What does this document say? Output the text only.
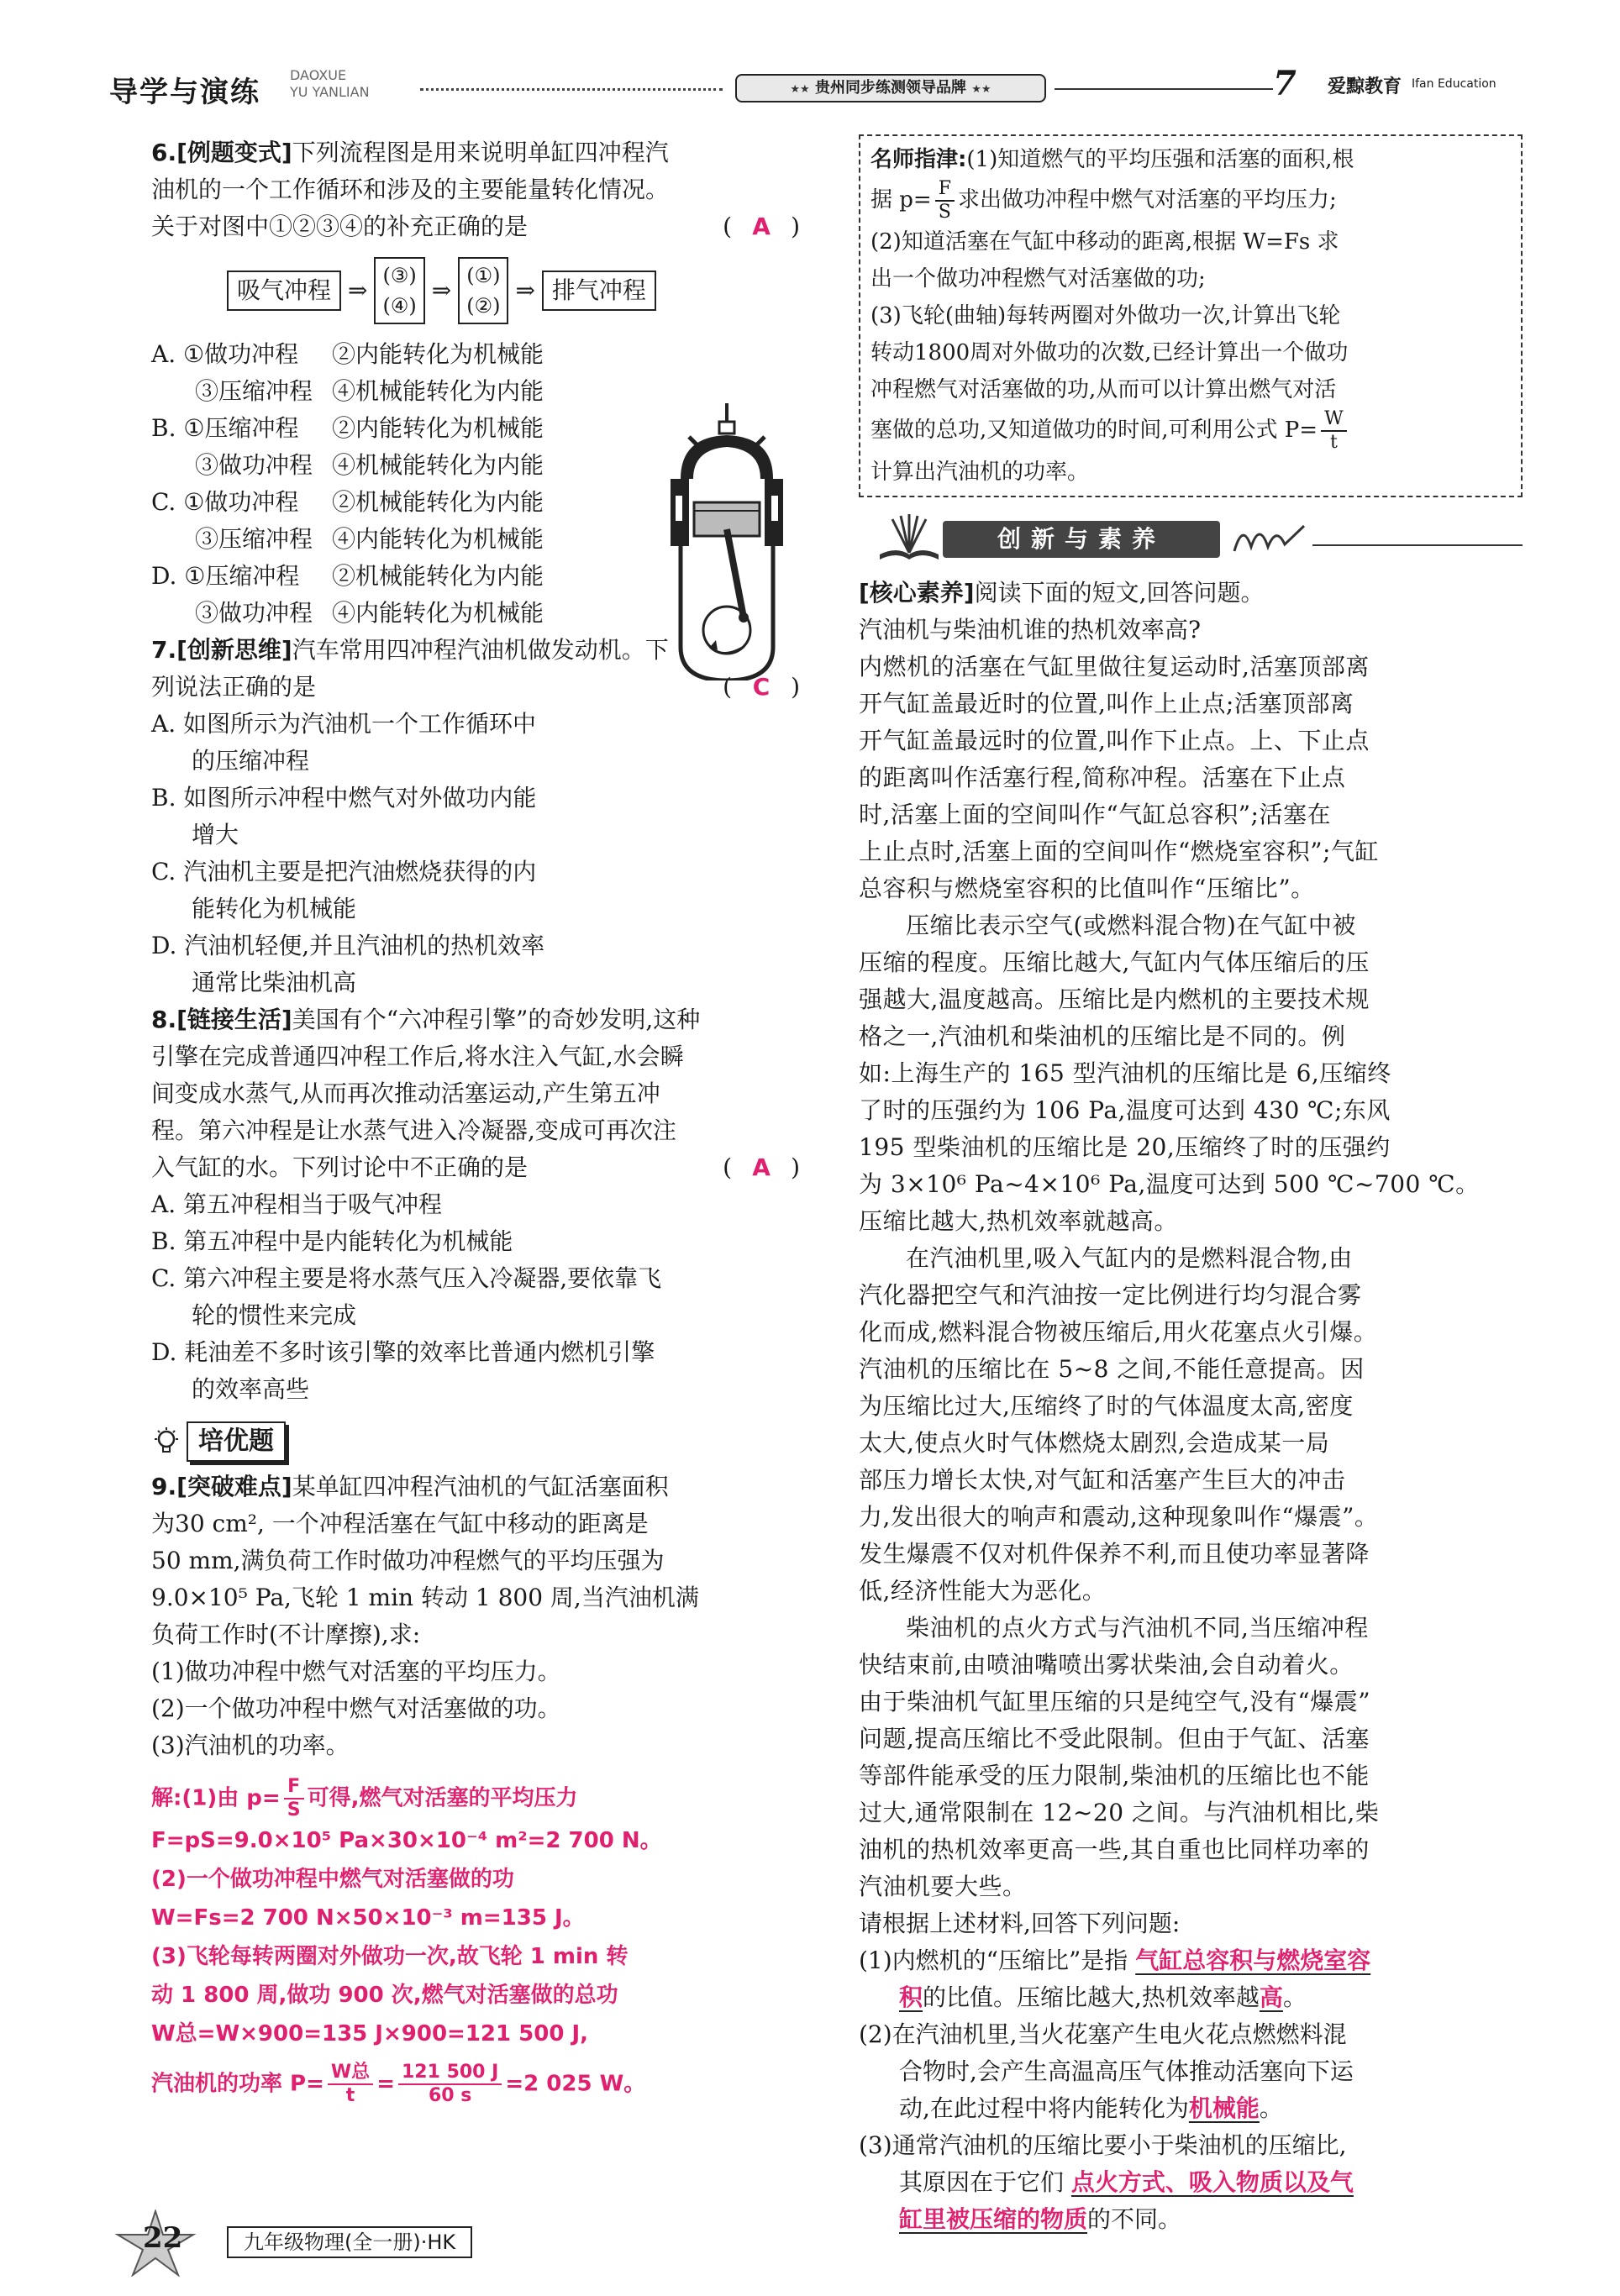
导学与演练
DAOXUE
YU YANLIAN	★★ 贵州同步练测领导品牌 ★★	7 爱黥教育 Ifan Education
6.[例题变式]下列流程图是用来说明单缸四冲程汽
油机的一个工作循环和涉及的主要能量转化情况。
关于对图中①②③④的补充正确的是	( A )
吸气冲程 ⇒
(③)
(④)
⇒
(①)
(②)
⇒ 排气冲程
A. ①做功冲程	②内能转化为机械能
③压缩冲程 ④机械能转化为内能
B. ①压缩冲程	②内能转化为机械能
③做功冲程 ④机械能转化为内能
C. ①做功冲程	②机械能转化为内能
③压缩冲程 ④内能转化为机械能
D. ①压缩冲程	②机械能转化为内能
③做功冲程 ④内能转化为机械能
7.[创新思维]汽车常用四冲程汽油机做发动机。下
列说法正确的是	( C )
A. 如图所示为汽油机一个工作循环中
的压缩冲程
B. 如图所示冲程中燃气对外做功内能
增大
C. 汽油机主要是把汽油燃烧获得的内
能转化为机械能
D. 汽油机轻便,并且汽油机的热机效率
通常比柴油机高
8.[链接生活]美国有个“六冲程引擎”的奇妙发明,这种
引擎在完成普通四冲程工作后,将水注入气缸,水会瞬
间变成水蒸气,从而再次推动活塞运动,产生第五冲
程。第六冲程是让水蒸气进入冷凝器,变成可再次注
入气缸的水。下列讨论中不正确的是	( A )
A. 第五冲程相当于吸气冲程
B. 第五冲程中是内能转化为机械能
C. 第六冲程主要是将水蒸气压入冷凝器,要依靠飞
轮的惯性来完成
D. 耗油差不多时该引擎的效率比普通内燃机引擎
的效率高些
培优题
9.[突破难点]某单缸四冲程汽油机的气缸活塞面积
为30 cm², 一个冲程活塞在气缸中移动的距离是
50 mm,满负荷工作时做功冲程燃气的平均压强为
9.0×10⁵ Pa,飞轮 1 min 转动 1 800 周,当汽油机满
负荷工作时(不计摩擦),求:
(1)做功冲程中燃气对活塞的平均压力。
(2)一个做功冲程中燃气对活塞做的功。
(3)汽油机的功率。
解:(1)由 $p= \frac{F}{S}$ 可得,燃气对活塞的平均压力
F=pS=9.0×10⁵ Pa×30×10⁻⁴ m²=2 700 N。
(2)一个做功冲程中燃气对活塞做的功
W=Fs=2 700 N×50×10⁻³ m=135 J。
(3)飞轮每转两圈对外做功一次,故飞轮 1 min 转
动 1 800 周,做功 900 次,燃气对活塞做的总功
W总=W×900=135 J×900=121 500 J,
汽油机的功率 $P= \frac{\text{W总}}{t} = \frac{121 500 J}{60 s} =2$ 025 W。
名师指津:(1)知道燃气的平均压强和活塞的面积,根
据 $p= \frac{F}{S}$ 求出做功冲程中燃气对活塞的平均压力;
(2)知道活塞在气缸中移动的距离,根据 W=Fs 求
出一个做功冲程燃气对活塞做的功;
(3)飞轮(曲轴)每转两圈对外做功一次,计算出飞轮
转动1800周对外做功的次数,已经计算出一个做功
冲程燃气对活塞做的功,从而可以计算出燃气对活
塞做的总功,又知道做功的时间,可利用公式 $P= \frac{W}{t}$
计算出汽油机的功率。
创新与素养
[核心素养]阅读下面的短文,回答问题。
汽油机与柴油机谁的热机效率高?
内燃机的活塞在气缸里做往复运动时,活塞顶部离
开气缸盖最近时的位置,叫作上止点;活塞顶部离
开气缸盖最远时的位置,叫作下止点。上、下止点
的距离叫作活塞行程,简称冲程。活塞在下止点
时,活塞上面的空间叫作“气缸总容积”;活塞在
上止点时,活塞上面的空间叫作“燃烧室容积”;气缸
总容积与燃烧室容积的比值叫作“压缩比”。
压缩比表示空气(或燃料混合物)在气缸中被
压缩的程度。压缩比越大,气缸内气体压缩后的压
强越大,温度越高。压缩比是内燃机的主要技术规
格之一,汽油机和柴油机的压缩比是不同的。例
如:上海生产的 165 型汽油机的压缩比是 6,压缩终
了时的压强约为 106 Pa,温度可达到 430 ℃;东风
195 型柴油机的压缩比是 20,压缩终了时的压强约
为 3×10⁶ Pa~4×10⁶ Pa,温度可达到 500 ℃~700 ℃。
压缩比越大,热机效率就越高。
在汽油机里,吸入气缸内的是燃料混合物,由
汽化器把空气和汽油按一定比例进行均匀混合雾
化而成,燃料混合物被压缩后,用火花塞点火引爆。
汽油机的压缩比在 5~8 之间,不能任意提高。因
为压缩比过大,压缩终了时的气体温度太高,密度
太大,使点火时气体燃烧太剧烈,会造成某一局
部压力增长太快,对气缸和活塞产生巨大的冲击
力,发出很大的响声和震动,这种现象叫作“爆震”。
发生爆震不仅对机件保养不利,而且使功率显著降
低,经济性能大为恶化。
柴油机的点火方式与汽油机不同,当压缩冲程
快结束前,由喷油嘴喷出雾状柴油,会自动着火。
由于柴油机气缸里压缩的只是纯空气,没有“爆震”
问题,提高压缩比不受此限制。但由于气缸、活塞
等部件能承受的压力限制,柴油机的压缩比也不能
过大,通常限制在 12~20 之间。与汽油机相比,柴
油机的热机效率更高一些,其自重也比同样功率的
汽油机要大些。
请根据上述材料,回答下列问题:
(1)内燃机的“压缩比”是指 气缸总容积与燃烧室容
积的比值。压缩比越大,热机效率越高。
(2)在汽油机里,当火花塞产生电火花点燃燃料混
合物时,会产生高温高压气体推动活塞向下运
动,在此过程中将内能转化为机械能。
(3)通常汽油机的压缩比要小于柴油机的压缩比,
其原因在于它们 点火方式、吸入物质以及气
缸里被压缩的物质的不同。
22	九年级物理(全一册)·HK
